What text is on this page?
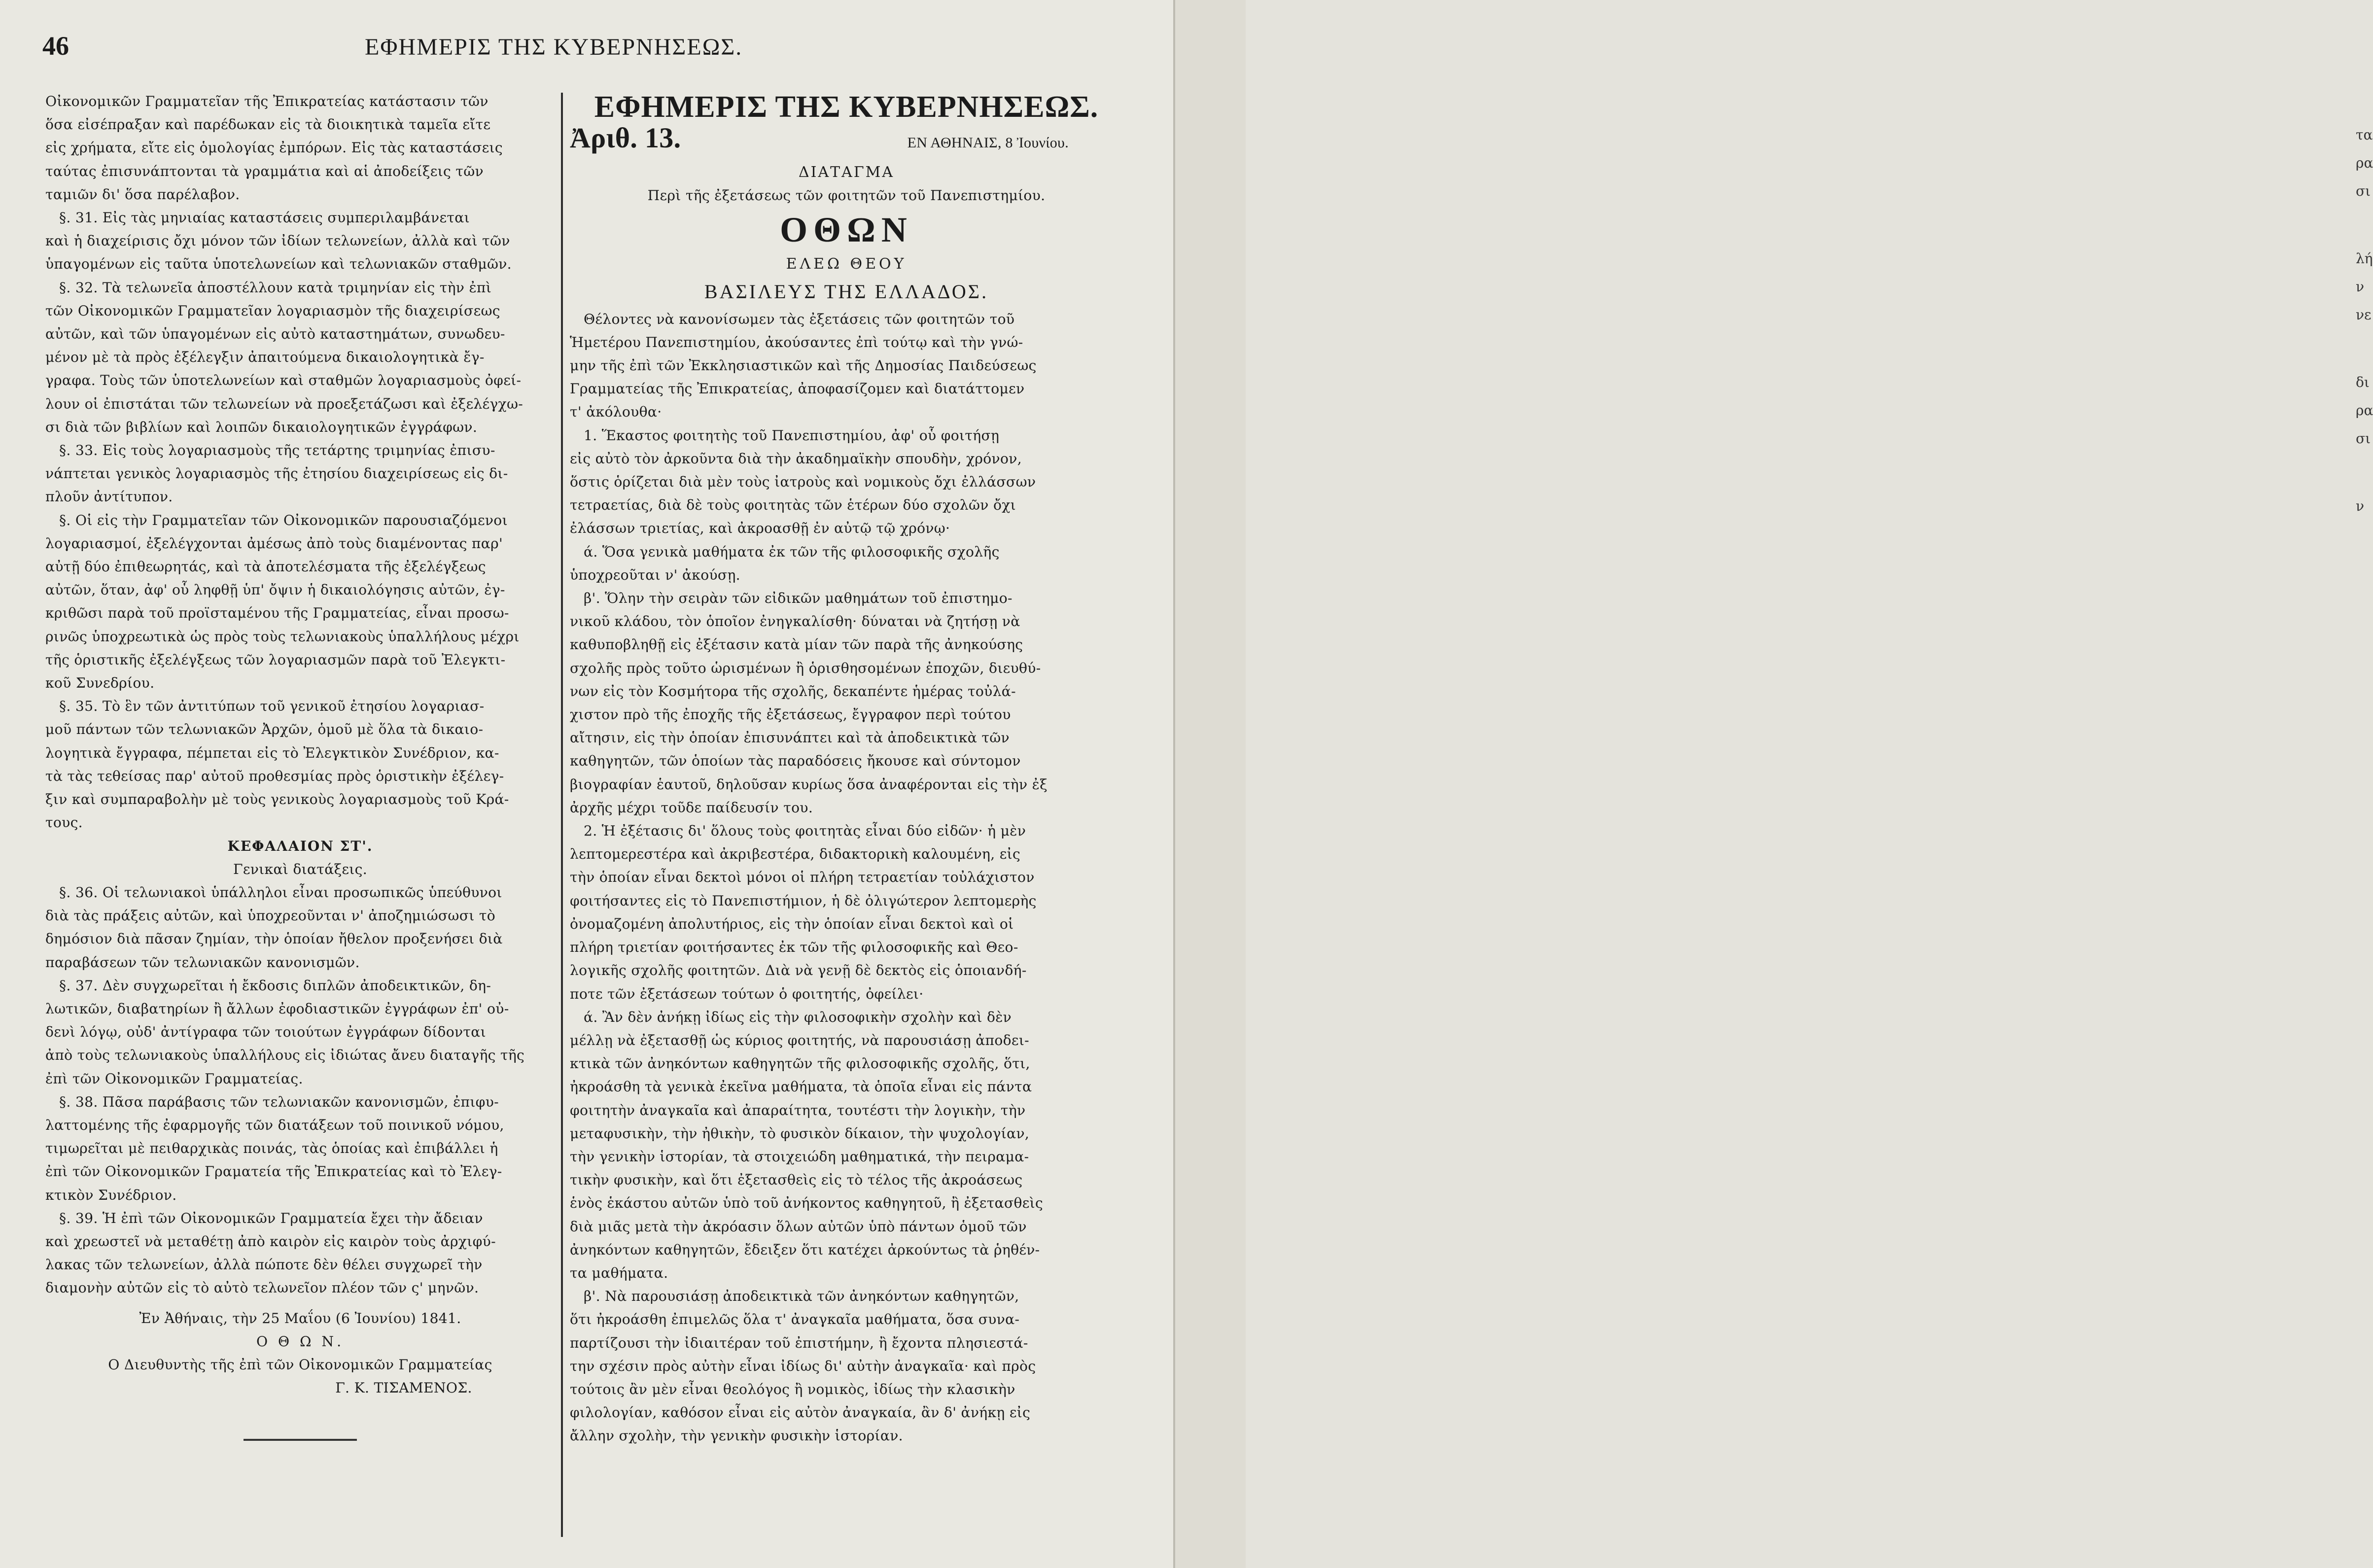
46	ΕΦΗΜΕΡΙΣ ΤΗΣ ΚΥΒΕΡΝΗΣΕΩΣ.

Οἰκονομικῶν Γραμματεῖαν τῆς Ἐπικρατείας κατάστασιν τῶν

ὅσα εἰσέπραξαν καὶ παρέδωκαν εἰς τὰ διοικητικὰ ταμεῖα εἴτε

εἰς χρήματα, εἴτε εἰς ὁμολογίας ἐμπόρων. Εἰς τὰς καταστάσεις

ταύτας ἐπισυνάπτονται τὰ γραμμάτια καὶ αἱ ἀποδείξεις τῶν

ταμιῶν δι' ὅσα παρέλαβον.

§. 31. Εἰς τὰς μηνιαίας καταστάσεις συμπεριλαμβάνεται

καὶ ἡ διαχείρισις ὄχι μόνον τῶν ἰδίων τελωνείων, ἀλλὰ καὶ τῶν

ὑπαγομένων εἰς ταῦτα ὑποτελωνείων καὶ τελωνιακῶν σταθμῶν.

§. 32. Τὰ τελωνεῖα ἀποστέλλουν κατὰ τριμηνίαν εἰς τὴν ἐπὶ

τῶν Οἰκονομικῶν Γραμματεῖαν λογαριασμὸν τῆς διαχειρίσεως

αὐτῶν, καὶ τῶν ὑπαγομένων εἰς αὐτὸ καταστημάτων, συνωδευ-

μένον μὲ τὰ πρὸς ἐξέλεγξιν ἀπαιτούμενα δικαιολογητικὰ ἔγ-

γραφα. Τοὺς τῶν ὑποτελωνείων καὶ σταθμῶν λογαριασμοὺς ὀφεί-

λουν οἱ ἐπιστάται τῶν τελωνείων νὰ προεξετάζωσι καὶ ἐξελέγχω-

σι διὰ τῶν βιβλίων καὶ λοιπῶν δικαιολογητικῶν ἐγγράφων.

§. 33. Εἰς τοὺς λογαριασμοὺς τῆς τετάρτης τριμηνίας ἐπισυ-

νάπτεται γενικὸς λογαριασμὸς τῆς ἐτησίου διαχειρίσεως εἰς δι-

πλοῦν ἀντίτυπον.

§. Οἱ εἰς τὴν Γραμματεῖαν τῶν Οἰκονομικῶν παρουσιαζόμενοι

λογαριασμοί, ἐξελέγχονται ἀμέσως ἀπὸ τοὺς διαμένοντας παρ'

αὐτῇ δύο ἐπιθεωρητάς, καὶ τὰ ἀποτελέσματα τῆς ἐξελέγξεως

αὐτῶν, ὅταν, ἀφ' οὗ ληφθῇ ὑπ' ὄψιν ἡ δικαιολόγησις αὐτῶν, ἐγ-

κριθῶσι παρὰ τοῦ προϊσταμένου τῆς Γραμματείας, εἶναι προσω-

ρινῶς ὑποχρεωτικὰ ὡς πρὸς τοὺς τελωνιακοὺς ὑπαλλήλους μέχρι

τῆς ὁριστικῆς ἐξελέγξεως τῶν λογαριασμῶν παρὰ τοῦ Ἐλεγκτι-

κοῦ Συνεδρίου.

§. 35. Τὸ ἓν τῶν ἀντιτύπων τοῦ γενικοῦ ἐτησίου λογαριασ-

μοῦ πάντων τῶν τελωνιακῶν Ἀρχῶν, ὁμοῦ μὲ ὅλα τὰ δικαιο-

λογητικὰ ἔγγραφα, πέμπεται εἰς τὸ Ἐλεγκτικὸν Συνέδριον, κα-

τὰ τὰς τεθείσας παρ' αὐτοῦ προθεσμίας πρὸς ὁριστικὴν ἐξέλεγ-

ξιν καὶ συμπαραβολὴν μὲ τοὺς γενικοὺς λογαριασμοὺς τοῦ Κρά-

τους.

ΚΕΦΑΛΑΙΟΝ ΣΤ'.

Γενικαὶ διατάξεις.

§. 36. Οἱ τελωνιακοὶ ὑπάλληλοι εἶναι προσωπικῶς ὑπεύθυνοι

διὰ τὰς πράξεις αὐτῶν, καὶ ὑποχρεοῦνται ν' ἀποζημιώσωσι τὸ

δημόσιον διὰ πᾶσαν ζημίαν, τὴν ὁποίαν ἤθελον προξενήσει διὰ

παραβάσεων τῶν τελωνιακῶν κανονισμῶν.

§. 37. Δὲν συγχωρεῖται ἡ ἔκδοσις διπλῶν ἀποδεικτικῶν, δη-

λωτικῶν, διαβατηρίων ἢ ἄλλων ἐφοδιαστικῶν ἐγγράφων ἐπ' οὐ-

δενὶ λόγῳ, οὐδ' ἀντίγραφα τῶν τοιούτων ἐγγράφων δίδονται

ἀπὸ τοὺς τελωνιακοὺς ὑπαλλήλους εἰς ἰδιώτας ἄνευ διαταγῆς τῆς

ἐπὶ τῶν Οἰκονομικῶν Γραμματείας.

§. 38. Πᾶσα παράβασις τῶν τελωνιακῶν κανονισμῶν, ἐπιφυ-

λαττομένης τῆς ἐφαρμογῆς τῶν διατάξεων τοῦ ποινικοῦ νόμου,

τιμωρεῖται μὲ πειθαρχικὰς ποινάς, τὰς ὁποίας καὶ ἐπιβάλλει ἡ

ἐπὶ τῶν Οἰκονομικῶν Γραματεία τῆς Ἐπικρατείας καὶ τὸ Ἐλεγ-

κτικὸν Συνέδριον.

§. 39. Ἡ ἐπὶ τῶν Οἰκονομικῶν Γραμματεία ἔχει τὴν ἄδειαν

καὶ χρεωστεῖ νὰ μεταθέτῃ ἀπὸ καιρὸν εἰς καιρὸν τοὺς ἀρχιφύ-

λακας τῶν τελωνείων, ἀλλὰ πώποτε δὲν θέλει συγχωρεῖ τὴν

διαμονὴν αὐτῶν εἰς τὸ αὐτὸ τελωνεῖον πλέον τῶν ς' μηνῶν.

Ἐν Ἀθήναις, τὴν 25 Μαΐου (6 Ἰουνίου) 1841.

Ο Θ Ω Ν.

Ο Διευθυντὴς τῆς ἐπὶ τῶν Οἰκονομικῶν Γραμματείας

Γ. Κ. ΤΙΣΑΜΕΝΟΣ.

ΕΦΗΜΕΡΙΣ ΤΗΣ ΚΥΒΕΡΝΗΣΕΩΣ.
Ἀριθ. 13.	ΕΝ ΑΘΗΝΑΙΣ, 8 Ἰουνίου.

ΔΙΑΤΑΓΜΑ

Περὶ τῆς ἐξετάσεως τῶν φοιτητῶν τοῦ Πανεπιστημίου.

ΟΘΩΝ

ΕΛΕΩ ΘΕΟΥ

ΒΑΣΙΛΕΥΣ ΤΗΣ ΕΛΛΑΔΟΣ.

Θέλοντες νὰ κανονίσωμεν τὰς ἐξετάσεις τῶν φοιτητῶν τοῦ

Ἡμετέρου Πανεπιστημίου, ἀκούσαντες ἐπὶ τούτῳ καὶ τὴν γνώ-

μην τῆς ἐπὶ τῶν Ἐκκλησιαστικῶν καὶ τῆς Δημοσίας Παιδεύσεως

Γραμματείας τῆς Ἐπικρατείας, ἀποφασίζομεν καὶ διατάττομεν

τ' ἀκόλουθα·

1. Ἕκαστος φοιτητὴς τοῦ Πανεπιστημίου, ἀφ' οὗ φοιτήσῃ

εἰς αὐτὸ τὸν ἀρκοῦντα διὰ τὴν ἀκαδημαϊκὴν σπουδὴν, χρόνον,

ὅστις ὁρίζεται διὰ μὲν τοὺς ἰατροὺς καὶ νομικοὺς ὄχι ἐλλάσσων

τετραετίας, διὰ δὲ τοὺς φοιτητὰς τῶν ἑτέρων δύο σχολῶν ὄχι

ἐλάσσων τριετίας, καὶ ἀκροασθῇ ἐν αὐτῷ τῷ χρόνῳ·

ά. Ὅσα γενικὰ μαθήματα ἐκ τῶν τῆς φιλοσοφικῆς σχολῆς

ὑποχρεοῦται ν' ἀκούσῃ.

β'. Ὅλην τὴν σειρὰν τῶν εἰδικῶν μαθημάτων τοῦ ἐπιστημο-

νικοῦ κλάδου, τὸν ὁποῖον ἐνηγκαλίσθη· δύναται νὰ ζητήσῃ νὰ

καθυποβληθῇ εἰς ἐξέτασιν κατὰ μίαν τῶν παρὰ τῆς ἀνηκούσης

σχολῆς πρὸς τοῦτο ὡρισμένων ἢ ὁρισθησομένων ἐποχῶν, διευθύ-

νων εἰς τὸν Κοσμήτορα τῆς σχολῆς, δεκαπέντε ἡμέρας τοὐλά-

χιστον πρὸ τῆς ἐποχῆς τῆς ἐξετάσεως, ἔγγραφον περὶ τούτου

αἴτησιν, εἰς τὴν ὁποίαν ἐπισυνάπτει καὶ τὰ ἀποδεικτικὰ τῶν

καθηγητῶν, τῶν ὁποίων τὰς παραδόσεις ἤκουσε καὶ σύντομον

βιογραφίαν ἑαυτοῦ, δηλοῦσαν κυρίως ὅσα ἀναφέρονται εἰς τὴν ἐξ

ἀρχῆς μέχρι τοῦδε παίδευσίν του.

2. Ἡ ἐξέτασις δι' ὅλους τοὺς φοιτητὰς εἶναι δύο εἰδῶν· ἡ μὲν

λεπτομερεστέρα καὶ ἀκριβεστέρα, διδακτορικὴ καλουμένη, εἰς

τὴν ὁποίαν εἶναι δεκτοὶ μόνοι οἱ πλήρη τετραετίαν τοὐλάχιστον

φοιτήσαντες εἰς τὸ Πανεπιστήμιον, ἡ δὲ ὀλιγώτερον λεπτομερὴς

ὀνομαζομένη ἀπολυτήριος, εἰς τὴν ὁποίαν εἶναι δεκτοὶ καὶ οἱ

πλήρη τριετίαν φοιτήσαντες ἐκ τῶν τῆς φιλοσοφικῆς καὶ Θεο-

λογικῆς σχολῆς φοιτητῶν. Διὰ νὰ γενῇ δὲ δεκτὸς εἰς ὁποιανδή-

ποτε τῶν ἐξετάσεων τούτων ὁ φοιτητής, ὀφείλει·

ά. Ἂν δὲν ἀνήκῃ ἰδίως εἰς τὴν φιλοσοφικὴν σχολὴν καὶ δὲν

μέλλῃ νὰ ἐξετασθῇ ὡς κύριος φοιτητής, νὰ παρουσιάσῃ ἀποδει-

κτικὰ τῶν ἀνηκόντων καθηγητῶν τῆς φιλοσοφικῆς σχολῆς, ὅτι,

ἠκροάσθη τὰ γενικὰ ἐκεῖνα μαθήματα, τὰ ὁποῖα εἶναι εἰς πάντα

φοιτητὴν ἀναγκαῖα καὶ ἀπαραίτητα, τουτέστι τὴν λογικὴν, τὴν

μεταφυσικὴν, τὴν ἠθικὴν, τὸ φυσικὸν δίκαιον, τὴν ψυχολογίαν,

τὴν γενικὴν ἱστορίαν, τὰ στοιχειώδη μαθηματικά, τὴν πειραμα-

τικὴν φυσικὴν, καὶ ὅτι ἐξετασθεὶς εἰς τὸ τέλος τῆς ἀκροάσεως

ἑνὸς ἑκάστου αὐτῶν ὑπὸ τοῦ ἀνήκοντος καθηγητοῦ, ἢ ἐξετασθεὶς

διὰ μιᾶς μετὰ τὴν ἀκρόασιν ὅλων αὐτῶν ὑπὸ πάντων ὁμοῦ τῶν

ἀνηκόντων καθηγητῶν, ἔδειξεν ὅτι κατέχει ἀρκούντως τὰ ῥηθέν-

τα μαθήματα.

β'. Νὰ παρουσιάσῃ ἀποδεικτικὰ τῶν ἀνηκόντων καθηγητῶν,

ὅτι ἠκροάσθη ἐπιμελῶς ὅλα τ' ἀναγκαῖα μαθήματα, ὅσα συνα-

παρτίζουσι τὴν ἰδιαιτέραν τοῦ ἐπιστήμην, ἢ ἔχοντα πλησιεστά-

την σχέσιν πρὸς αὐτὴν εἶναι ἰδίως δι' αὐτὴν ἀναγκαῖα· καὶ πρὸς

τούτοις ἂν μὲν εἶναι θεολόγος ἢ νομικὸς, ἰδίως τὴν κλασικὴν

φιλολογίαν, καθόσον εἶναι εἰς αὐτὸν ἀναγκαία, ἂν δ' ἀνήκῃ εἰς

ἄλλην σχολὴν, τὴν γενικὴν φυσικὴν ἱστορίαν.

τα
ρα
σι
λή
ν
νε
δι
ρα
σι
ν
